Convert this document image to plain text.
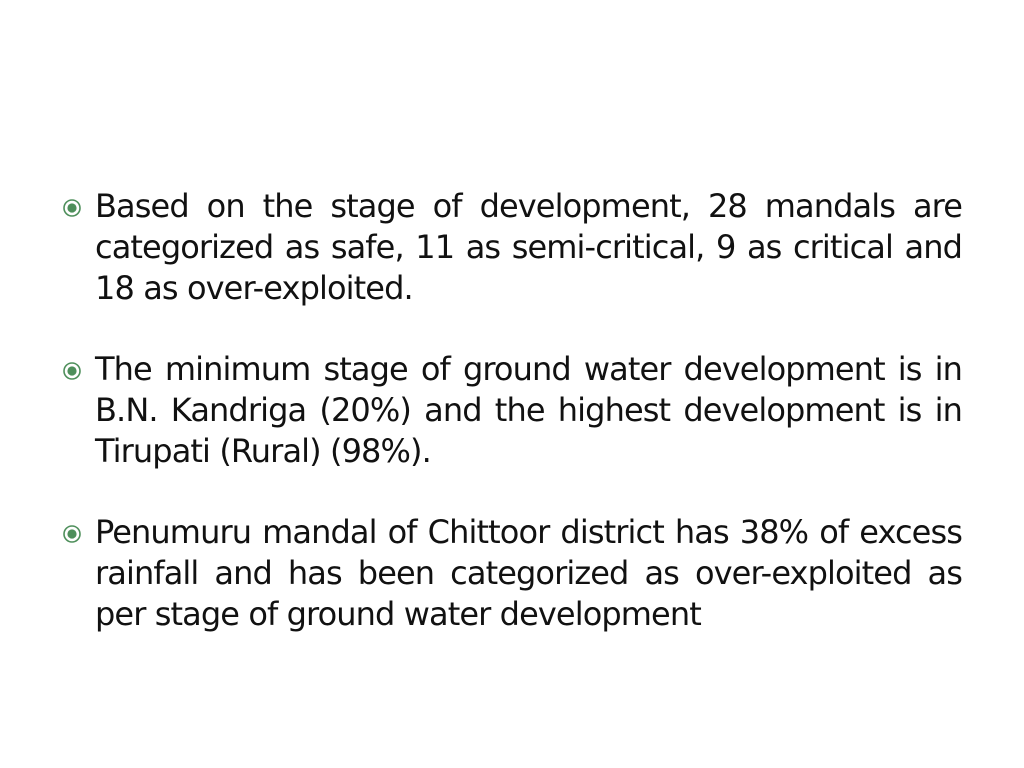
Based on the stage of development, 28 mandals are categorized as safe, 11 as semi-critical, 9 as critical and 18 as over-exploited.
The minimum stage of ground water development is in B.N. Kandriga (20%) and the highest development is in Tirupati (Rural) (98%).
Penumuru mandal of Chittoor district has 38% of excess rainfall and has been categorized as over-exploited as per stage of ground water development
